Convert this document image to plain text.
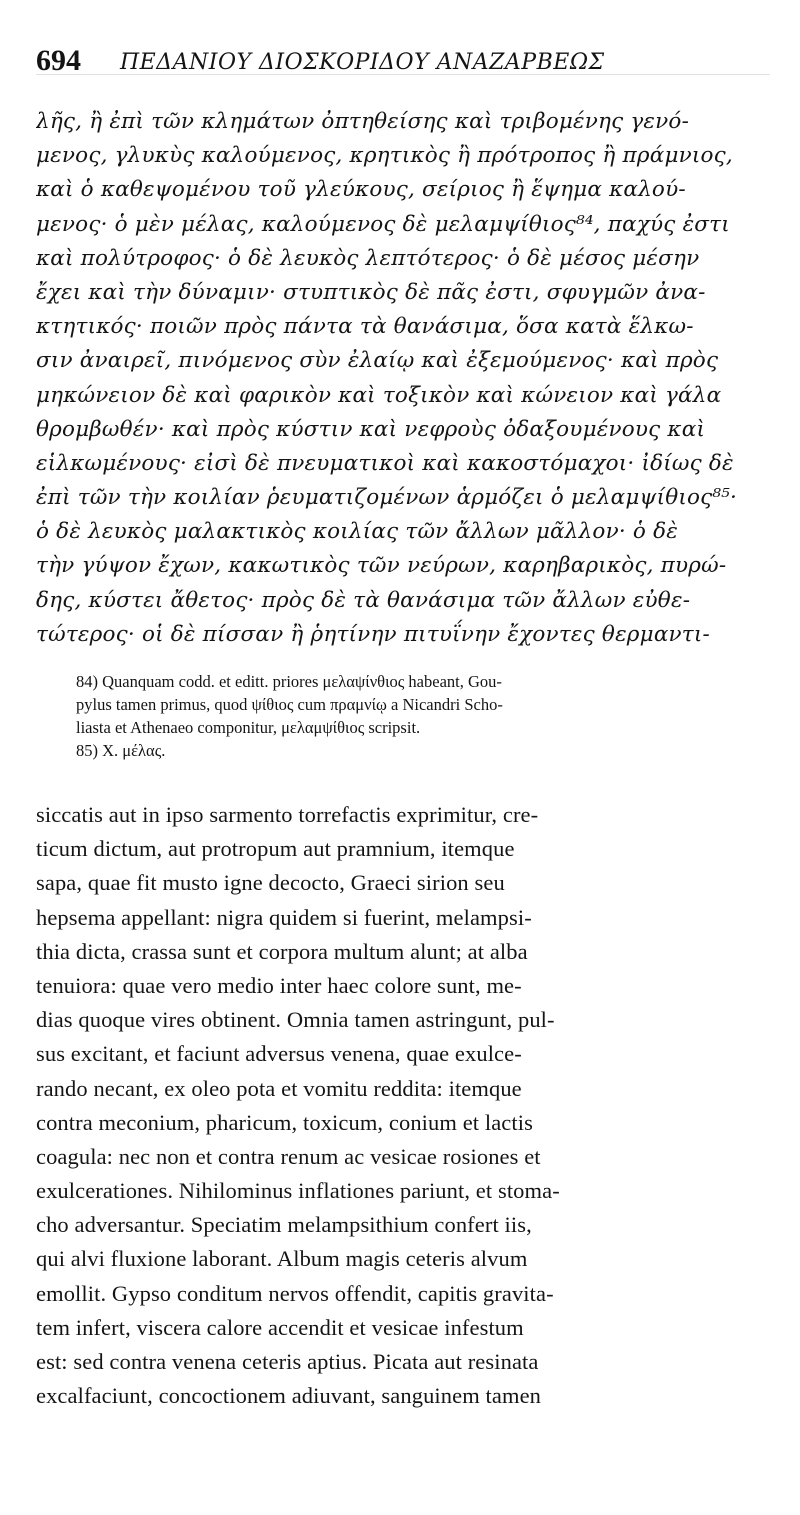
694 ΠΕΔΑΝΙΟΥ ΔΙΟΣΚΟΡΙΔΟΥ ΑΝΑΖΑΡΒΕΩΣ
λῆς, ἢ ἐπὶ τῶν κλημάτων ὀπτηθείσης καὶ τριβομένης γενό-
μενος, γλυκὺς καλούμενος, κρητικὸς ἢ πρότροπος ἢ πράμνιος,
καὶ ὁ καθεψομένου τοῦ γλεύκους, σείριος ἢ ἕψημα καλού-
μενος· ὁ μὲν μέλας, καλούμενος δὲ μελαμψίθιος⁸⁴, παχύς ἐστι
καὶ πολύτροφος· ὁ δὲ λευκὸς λεπτότερος· ὁ δὲ μέσος μέσην
ἔχει καὶ τὴν δύναμιν· στυπτικὸς δὲ πᾶς ἐστι, σφυγμῶν ἀνα-
κτητικός· ποιῶν πρὸς πάντα τὰ θανάσιμα, ὅσα κατὰ ἕλκω-
σιν ἀναιρεῖ, πινόμενος σὺν ἐλαίῳ καὶ ἐξεμούμενος· καὶ πρὸς
μηκώνειον δὲ καὶ φαρικὸν καὶ τοξικὸν καὶ κώνειον καὶ γάλα
θρομβωθέν· καὶ πρὸς κύστιν καὶ νεφροὺς ὀδαξουμένους καὶ
εἱλκωμένους· εἰσὶ δὲ πνευματικοὶ καὶ κακοστόμαχοι· ἰδίως δὲ
ἐπὶ τῶν τὴν κοιλίαν ῥευματιζομένων ἁρμόζει ὁ μελαμψίθιος⁸⁵·
ὁ δὲ λευκὸς μαλακτικὸς κοιλίας τῶν ἄλλων μᾶλλον· ὁ δὲ
τὴν γύψον ἔχων, κακωτικὸς τῶν νεύρων, καρηβαρικὸς, πυρώ-
δης, κύστει ἄθετος· πρὸς δὲ τὰ θανάσιμα τῶν ἄλλων εὐθε-
τώτερος· οἱ δὲ πίσσαν ἢ ῥητίνην πιτυΐνην ἔχοντες θερμαντι-
84) Quanquam codd. et editt. priores μελαψίνθιος habeant, Gou-
pylus tamen primus, quod ψίθιος cum πραμνίῳ a Nicandri Scho-
liasta et Athenaeo componitur, μελαμψίθιος scripsit.
85) X. μέλας.
siccatis aut in ipso sarmento torrefactis exprimitur, cre-
ticum dictum, aut protropum aut pramnium, itemque
sapa, quae fit musto igne decocto, Graeci sirion seu
hepsema appellant: nigra quidem si fuerint, melampsi-
thia dicta, crassa sunt et corpora multum alunt; at alba
tenuiora: quae vero medio inter haec colore sunt, me-
dias quoque vires obtinent. Omnia tamen astringunt, pul-
sus excitant, et faciunt adversus venena, quae exulce-
rando necant, ex oleo pota et vomitu reddita: itemque
contra meconium, pharicum, toxicum, conium et lactis
coagula: nec non et contra renum ac vesicae rosiones et
exulcerationes. Nihilominus inflationes pariunt, et stoma-
cho adversantur. Speciatim melampsithium confert iis,
qui alvi fluxione laborant. Album magis ceteris alvum
emollit. Gypso conditum nervos offendit, capitis gravita-
tem infert, viscera calore accendit et vesicae infestum
est: sed contra venena ceteris aptius. Picata aut resinata
excalfaciunt, concoctionem adiuvant, sanguinem tamen
